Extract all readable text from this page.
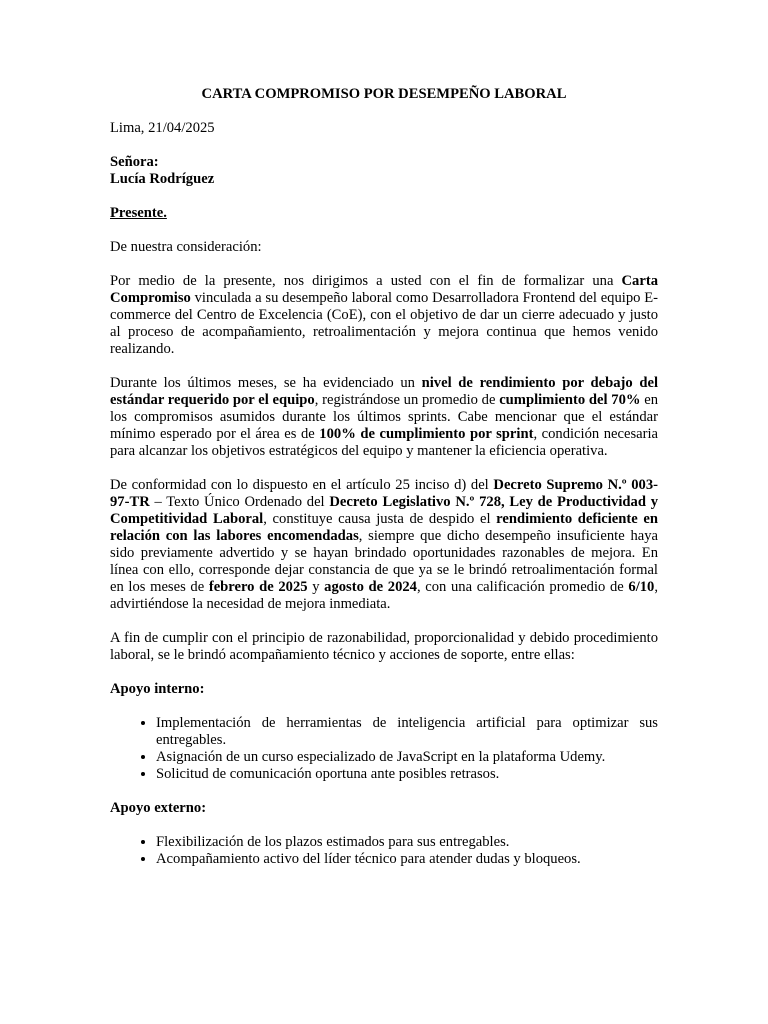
CARTA COMPROMISO POR DESEMPEÑO LABORAL

Lima, 21/04/2025

Señora:
Lucía Rodríguez

Presente.

De nuestra consideración:

Por medio de la presente, nos dirigimos a usted con el fin de formalizar una Carta Compromiso vinculada a su desempeño laboral como Desarrolladora Frontend del equipo E-commerce del Centro de Excelencia (CoE), con el objetivo de dar un cierre adecuado y justo al proceso de acompañamiento, retroalimentación y mejora continua que hemos venido realizando.

Durante los últimos meses, se ha evidenciado un nivel de rendimiento por debajo del estándar requerido por el equipo, registrándose un promedio de cumplimiento del 70% en los compromisos asumidos durante los últimos sprints. Cabe mencionar que el estándar mínimo esperado por el área es de 100% de cumplimiento por sprint, condición necesaria para alcanzar los objetivos estratégicos del equipo y mantener la eficiencia operativa.

De conformidad con lo dispuesto en el artículo 25 inciso d) del Decreto Supremo N.º 003-97-TR – Texto Único Ordenado del Decreto Legislativo N.º 728, Ley de Productividad y Competitividad Laboral, constituye causa justa de despido el rendimiento deficiente en relación con las labores encomendadas, siempre que dicho desempeño insuficiente haya sido previamente advertido y se hayan brindado oportunidades razonables de mejora. En línea con ello, corresponde dejar constancia de que ya se le brindó retroalimentación formal en los meses de febrero de 2025 y agosto de 2024, con una calificación promedio de 6/10, advirtiéndose la necesidad de mejora inmediata.

A fin de cumplir con el principio de razonabilidad, proporcionalidad y debido procedimiento laboral, se le brindó acompañamiento técnico y acciones de soporte, entre ellas:

Apoyo interno:

• Implementación de herramientas de inteligencia artificial para optimizar sus entregables.
• Asignación de un curso especializado de JavaScript en la plataforma Udemy.
• Solicitud de comunicación oportuna ante posibles retrasos.

Apoyo externo:

• Flexibilización de los plazos estimados para sus entregables.
• Acompañamiento activo del líder técnico para atender dudas y bloqueos.
